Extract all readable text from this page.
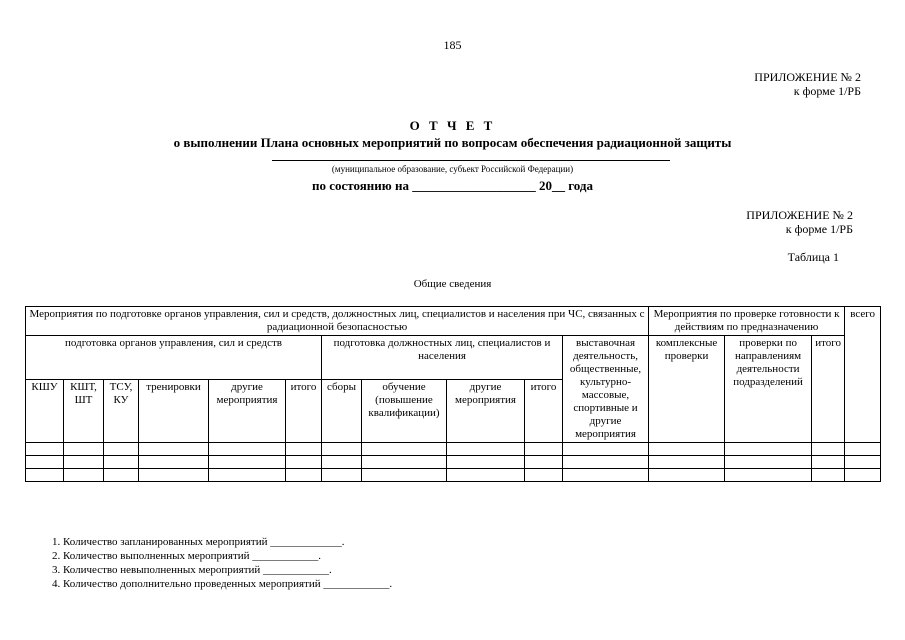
185
ПРИЛОЖЕНИЕ № 2
к форме 1/РБ
О Т Ч Е Т
о выполнении Плана основных мероприятий по вопросам обеспечения радиационной защиты
(муниципальное образование, субъект Российской Федерации)
по состоянию на ___________________ 20__ года
ПРИЛОЖЕНИЕ № 2
к форме 1/РБ
Таблица 1
Общие сведения
Мероприятия по подготовке органов управления, сил и средств, должностных лиц, специалистов и населения при ЧС, связанных с радиационной безопасностью											Мероприятия по проверке готовности к действиям по предназначению			всего
подготовка органов управления, сил и средств						подготовка должностных лиц, специалистов и населения				выставочная деятельность, общественные, культурно-массовые, спортивные и другие мероприятия	комплексные проверки	проверки по направлениям деятельности подразделений	итого	
КШУ	КШТ, ШТ	ТСУ, КУ	тренировки	другие мероприятия	итого	сборы	обучение (повышение квалификации)	другие мероприятия	итого					

1. Количество запланированных мероприятий _____________.
2. Количество выполненных мероприятий ____________.
3. Количество невыполненных мероприятий ____________.
4. Количество дополнительно проведенных мероприятий ____________.
